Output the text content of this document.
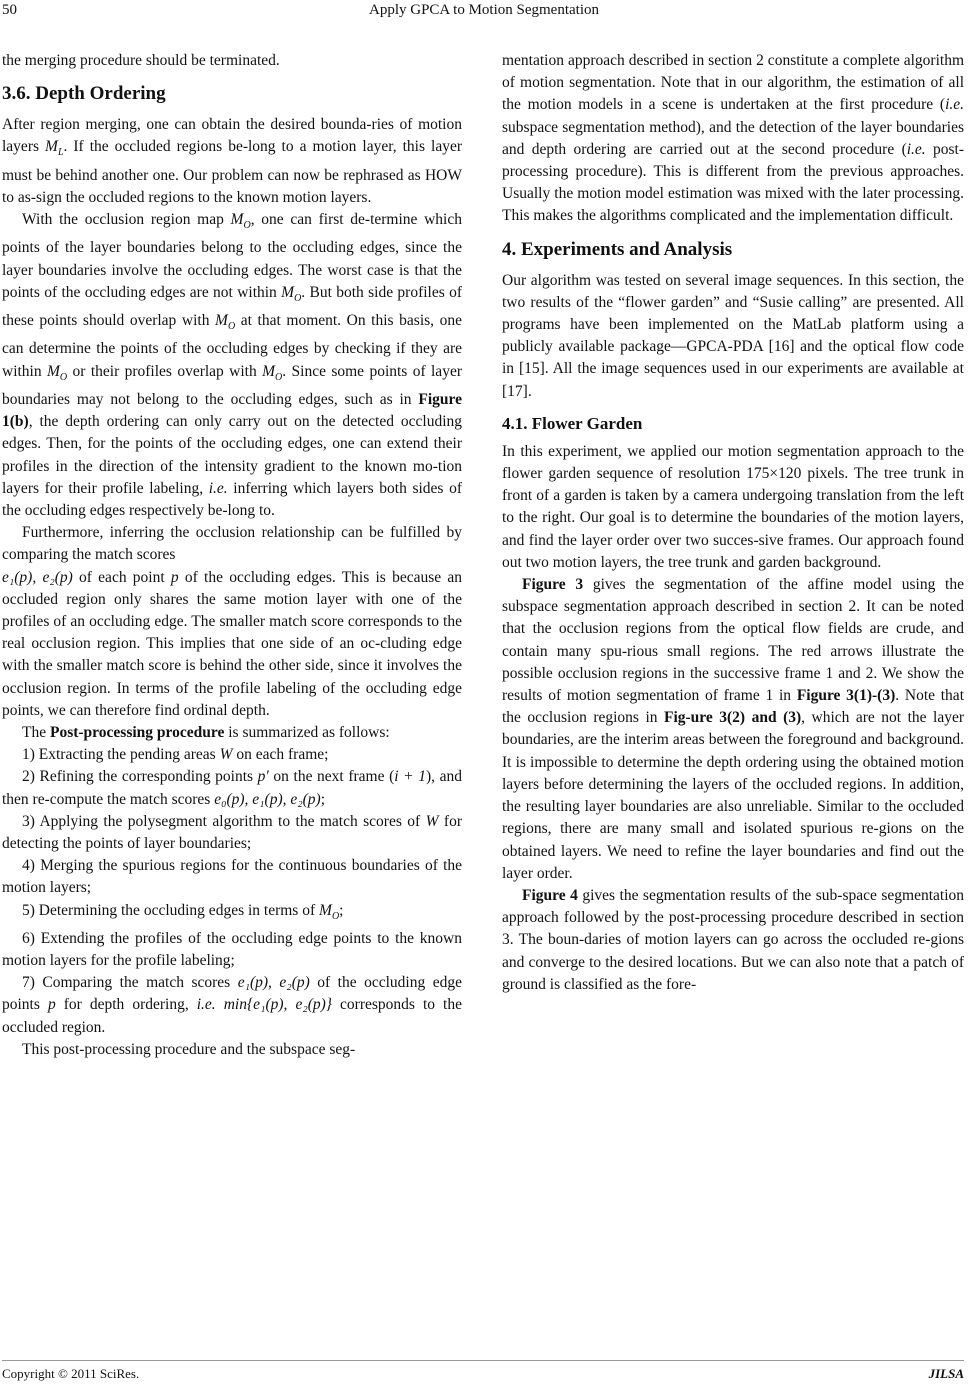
50	Apply GPCA to Motion Segmentation

the merging procedure should be terminated.

3.6. Depth Ordering

After region merging, one can obtain the desired bounda-ries of motion layers $M_L$. If the occluded regions be-long to a motion layer, this layer must be behind another one. Our problem can now be rephrased as HOW to as-sign the occluded regions to the known motion layers.

With the occlusion region map $M_O$, one can first de-termine which points of the layer boundaries belong to the occluding edges, since the layer boundaries involve the occluding edges. The worst case is that the points of the occluding edges are not within $M_O$. But both side profiles of these points should overlap with $M_O$ at that moment. On this basis, one can determine the points of the occluding edges by checking if they are within $M_O$ or their profiles overlap with $M_O$. Since some points of layer boundaries may not belong to the occluding edges, such as in Figure 1(b), the depth ordering can only carry out on the detected occluding edges. Then, for the points of the occluding edges, one can extend their profiles in the direction of the intensity gradient to the known mo-tion layers for their profile labeling, i.e. inferring which layers both sides of the occluding edges respectively be-long to.

Furthermore, inferring the occlusion relationship can be fulfilled by comparing the match scores
e₁(p), e₂(p) of each point p of the occluding edges. This is because an occluded region only shares the same motion layer with one of the profiles of an occluding edge. The smaller match score corresponds to the real occlusion region. This implies that one side of an oc-cluding edge with the smaller match score is behind the other side, since it involves the occlusion region. In terms of the profile labeling of the occluding edge points, we can therefore find ordinal depth.

The Post-processing procedure is summarized as follows:

1) Extracting the pending areas W on each frame;

2) Refining the corresponding points p′ on the next frame (i + 1), and then re-compute the match scores e₀(p), e₁(p), e₂(p);

3) Applying the polysegment algorithm to the match scores of W for detecting the points of layer boundaries;

4) Merging the spurious regions for the continuous boundaries of the motion layers;

5) Determining the occluding edges in terms of $M_O$;

6) Extending the profiles of the occluding edge points to the known motion layers for the profile labeling;

7) Comparing the match scores e₁(p), e₂(p) of the occluding edge points p for depth ordering, i.e. min{e₁(p), e₂(p)} corresponds to the occluded region.

This post-processing procedure and the subspace seg-

mentation approach described in section 2 constitute a complete algorithm of motion segmentation. Note that in our algorithm, the estimation of all the motion models in a scene is undertaken at the first procedure (i.e. subspace segmentation method), and the detection of the layer boundaries and depth ordering are carried out at the second procedure (i.e. post-processing procedure). This is different from the previous approaches. Usually the motion model estimation was mixed with the later processing. This makes the algorithms complicated and the implementation difficult.

4. Experiments and Analysis

Our algorithm was tested on several image sequences. In this section, the two results of the “flower garden” and “Susie calling” are presented. All programs have been implemented on the MatLab platform using a publicly available package—GPCA-PDA [16] and the optical flow code in [15]. All the image sequences used in our experiments are available at [17].

4.1. Flower Garden

In this experiment, we applied our motion segmentation approach to the flower garden sequence of resolution 175×120 pixels. The tree trunk in front of a garden is taken by a camera undergoing translation from the left to the right. Our goal is to determine the boundaries of the motion layers, and find the layer order over two succes-sive frames. Our approach found out two motion layers, the tree trunk and garden background.

Figure 3 gives the segmentation of the affine model using the subspace segmentation approach described in section 2. It can be noted that the occlusion regions from the optical flow fields are crude, and contain many spu-rious small regions. The red arrows illustrate the possible occlusion regions in the successive frame 1 and 2. We show the results of motion segmentation of frame 1 in Figure 3(1)-(3). Note that the occlusion regions in Fig-ure 3(2) and (3), which are not the layer boundaries, are the interim areas between the foreground and background. It is impossible to determine the depth ordering using the obtained motion layers before determining the layers of the occluded regions. In addition, the resulting layer boundaries are also unreliable. Similar to the occluded regions, there are many small and isolated spurious re-gions on the obtained layers. We need to refine the layer boundaries and find out the layer order.

Figure 4 gives the segmentation results of the sub-space segmentation approach followed by the post-processing procedure described in section 3. The boun-daries of motion layers can go across the occluded re-gions and converge to the desired locations. But we can also note that a patch of ground is classified as the fore-

Copyright © 2011 SciRes.	JILSA
